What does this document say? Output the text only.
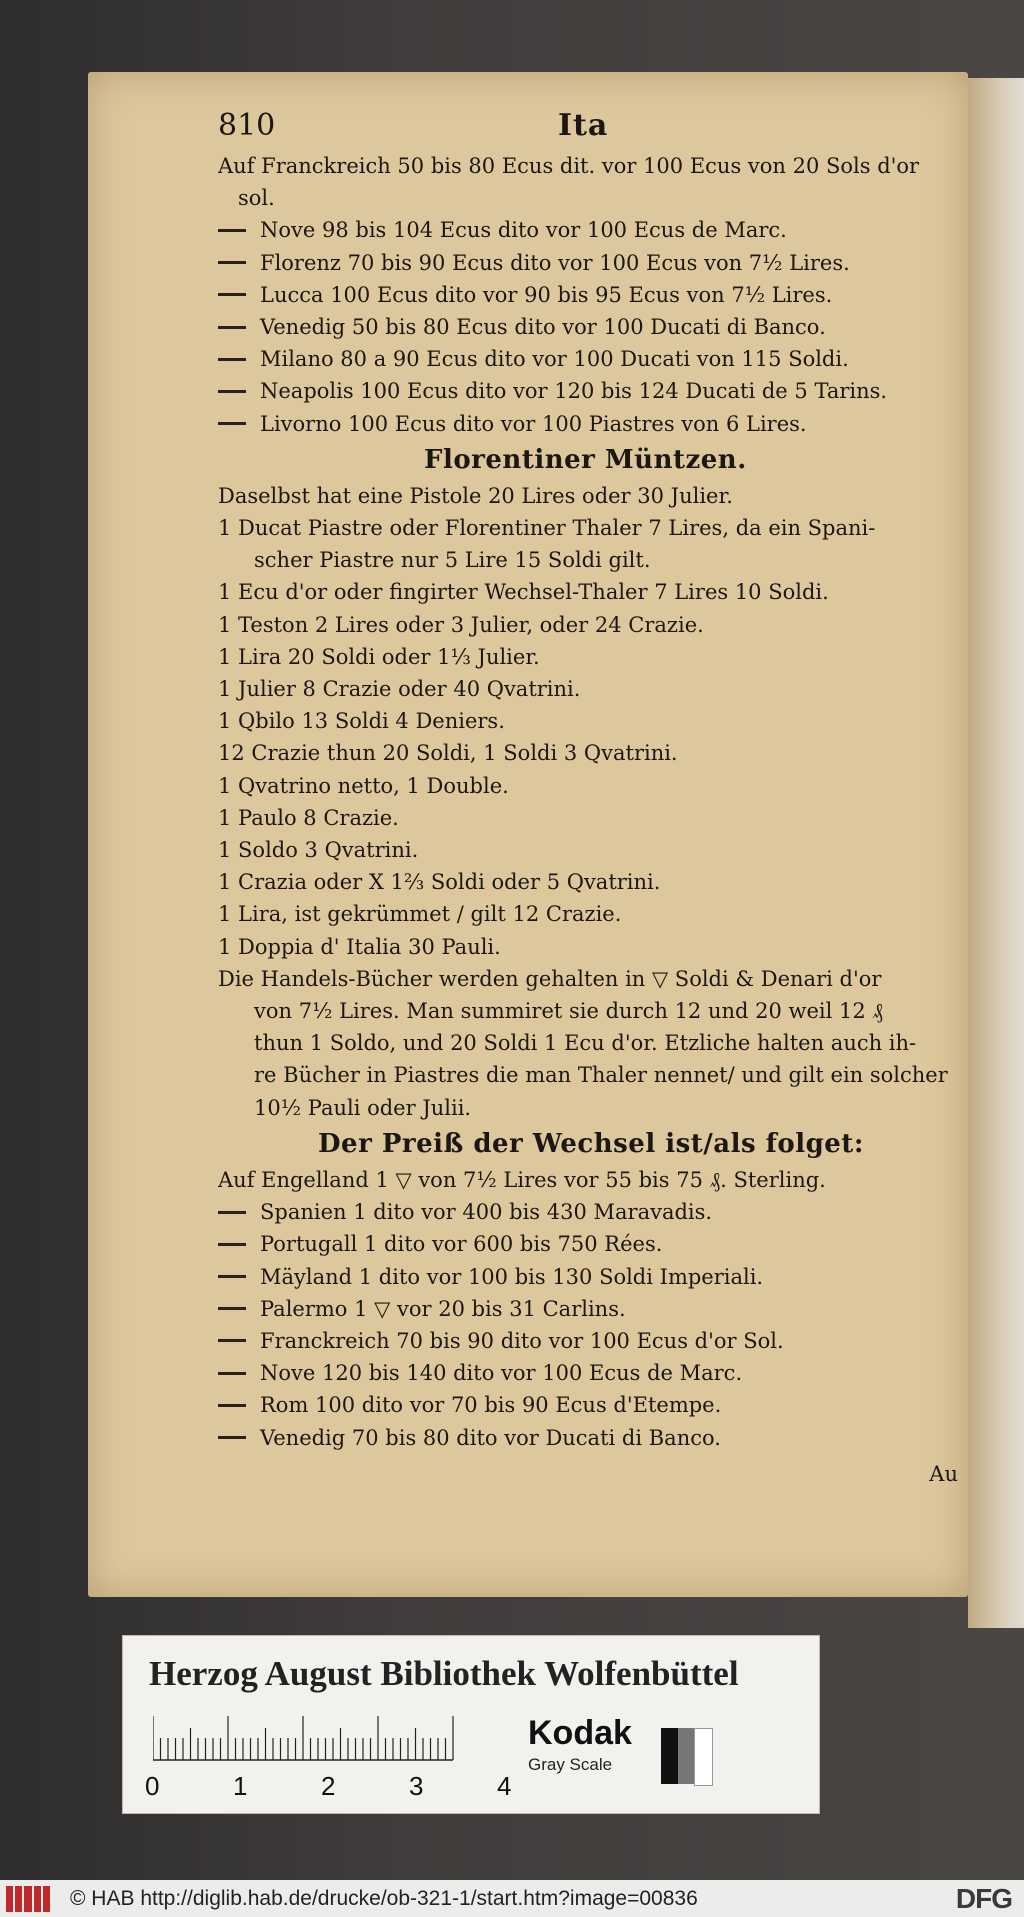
810	Ita
Auf Franckreich 50 bis 80 Ecus dit. vor 100 Ecus von 20 Sols d'or
sol.
Nove 98 bis 104 Ecus dito vor 100 Ecus de Marc.
Florenz 70 bis 90 Ecus dito vor 100 Ecus von 7½ Lires.
Lucca 100 Ecus dito vor 90 bis 95 Ecus von 7½ Lires.
Venedig 50 bis 80 Ecus dito vor 100 Ducati di Banco.
Milano 80 a 90 Ecus dito vor 100 Ducati von 115 Soldi.
Neapolis 100 Ecus dito vor 120 bis 124 Ducati de 5 Tarins.
Livorno 100 Ecus dito vor 100 Piastres von 6 Lires.
Florentiner Müntzen.
Daselbst hat eine Pistole 20 Lires oder 30 Julier.
1 Ducat Piastre oder Florentiner Thaler 7 Lires, da ein Spani-
scher Piastre nur 5 Lire 15 Soldi gilt.
1 Ecu d'or oder fingirter Wechsel-Thaler 7 Lires 10 Soldi.
1 Teston 2 Lires oder 3 Julier, oder 24 Crazie.
1 Lira 20 Soldi oder 1⅓ Julier.
1 Julier 8 Crazie oder 40 Qvatrini.
1 Qbilo 13 Soldi 4 Deniers.
12 Crazie thun 20 Soldi, 1 Soldi 3 Qvatrini.
1 Qvatrino netto, 1 Double.
1 Paulo 8 Crazie.
1 Soldo 3 Qvatrini.
1 Crazia oder X 1⅔ Soldi oder 5 Qvatrini.
1 Lira, ist gekrümmet / gilt 12 Crazie.
1 Doppia d' Italia 30 Pauli.
Die Handels-Bücher werden gehalten in ▽ Soldi & Denari d'or
von 7½ Lires. Man summiret sie durch 12 und 20 weil 12 ₰
thun 1 Soldo, und 20 Soldi 1 Ecu d'or. Etzliche halten auch ih-
re Bücher in Piastres die man Thaler nennet/ und gilt ein solcher
10½ Pauli oder Julii.
Der Preiß der Wechsel ist/als folget:
Auf Engelland 1 ▽ von 7½ Lires vor 55 bis 75 ₰. Sterling.
Spanien 1 dito vor 400 bis 430 Maravadis.
Portugall 1 dito vor 600 bis 750 Rées.
Mäyland 1 dito vor 100 bis 130 Soldi Imperiali.
Palermo 1 ▽ vor 20 bis 31 Carlins.
Franckreich 70 bis 90 dito vor 100 Ecus d'or Sol.
Nove 120 bis 140 dito vor 100 Ecus de Marc.
Rom 100 dito vor 70 bis 90 Ecus d'Etempe.
Venedig 70 bis 80 dito vor Ducati di Banco.
Au
Herzog August Bibliothek Wolfenbüttel
0	1	2	3	4
Kodak
Gray Scale
© HAB http://diglib.hab.de/drucke/ob-321-1/start.htm?image=00836	DFG
